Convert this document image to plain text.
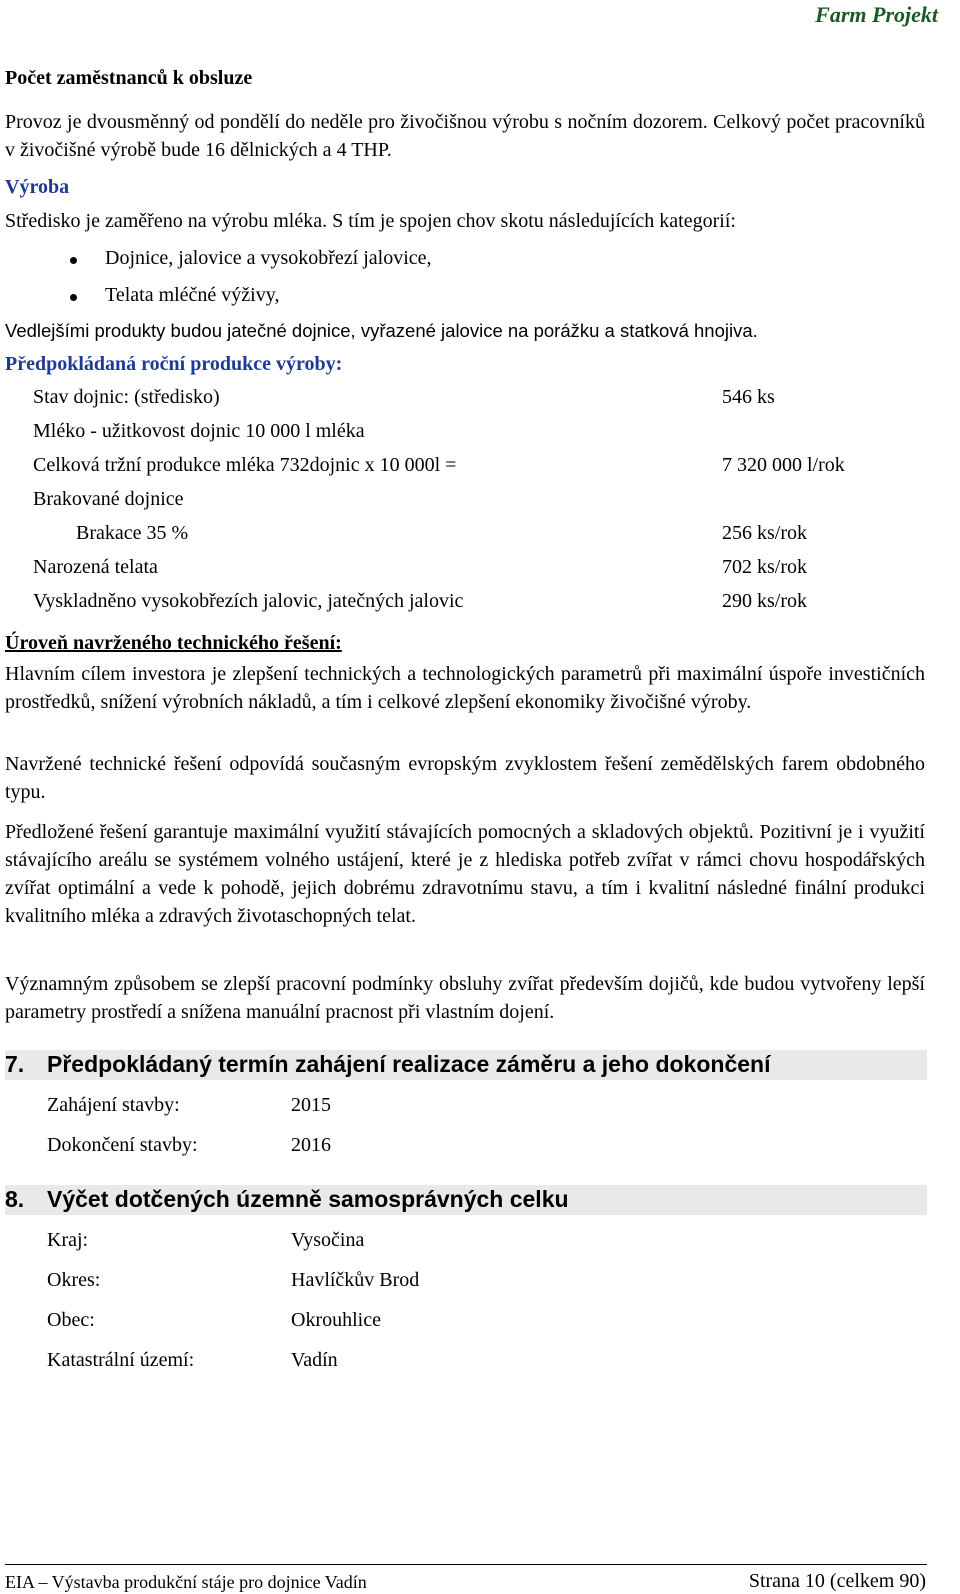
Farm Projekt
Počet zaměstnanců k obsluze
Provoz je dvousměnný od pondělí do neděle pro živočišnou výrobu s nočním dozorem. Celkový počet pracovníků v živočišné výrobě bude 16 dělnických a 4 THP.
Výroba
Středisko je zaměřeno na výrobu mléka. S tím je spojen chov skotu následujících kategorií:
Dojnice, jalovice a vysokobřezí jalovice,
Telata mléčné výživy,
Vedlejšími produkty budou jatečné dojnice, vyřazené jalovice na porážku a statková hnojiva.
Předpokládaná roční produkce výroby:
Stav dojnic: (středisko)	546 ks
Mléko - užitkovost dojnic 10 000 l mléka
Celková tržní produkce mléka 732dojnic x 10 000l =	7 320 000 l/rok
Brakované dojnice
Brakace 35 %	256 ks/rok
Narozená telata	702 ks/rok
Vyskladněno vysokobřezích jalovic, jatečných jalovic	290 ks/rok
Úroveň navrženého technického řešení:
Hlavním cílem investora je zlepšení technických a technologických parametrů při maximální úspoře investičních prostředků, snížení výrobních nákladů, a tím i celkové zlepšení ekonomiky živočišné výroby.
Navržené technické řešení odpovídá současným evropským zvyklostem řešení zemědělských farem obdobného typu.
Předložené řešení garantuje maximální využití stávajících pomocných a skladových objektů. Pozitivní je i využití stávajícího areálu se systémem volného ustájení, které je z hlediska potřeb zvířat v rámci chovu hospodářských zvířat optimální a vede k pohodě, jejich dobrému zdravotnímu stavu, a tím i kvalitní následné finální produkci kvalitního mléka a zdravých životaschopných telat.
Významným způsobem se zlepší pracovní podmínky obsluhy zvířat především dojičů, kde budou vytvořeny lepší parametry prostředí a snížena manuální pracnost při vlastním dojení.
7. Předpokládaný termín zahájení realizace záměru a jeho dokončení
Zahájení stavby:	2015
Dokončení stavby:	2016
8. Výčet dotčených územně samosprávných celku
Kraj:	Vysočina
Okres:	Havlíčkův Brod
Obec:	Okrouhlice
Katastrální území:	Vadín
EIA – Výstavba produkční stáje pro dojnice Vadín	Strana 10 (celkem 90)
